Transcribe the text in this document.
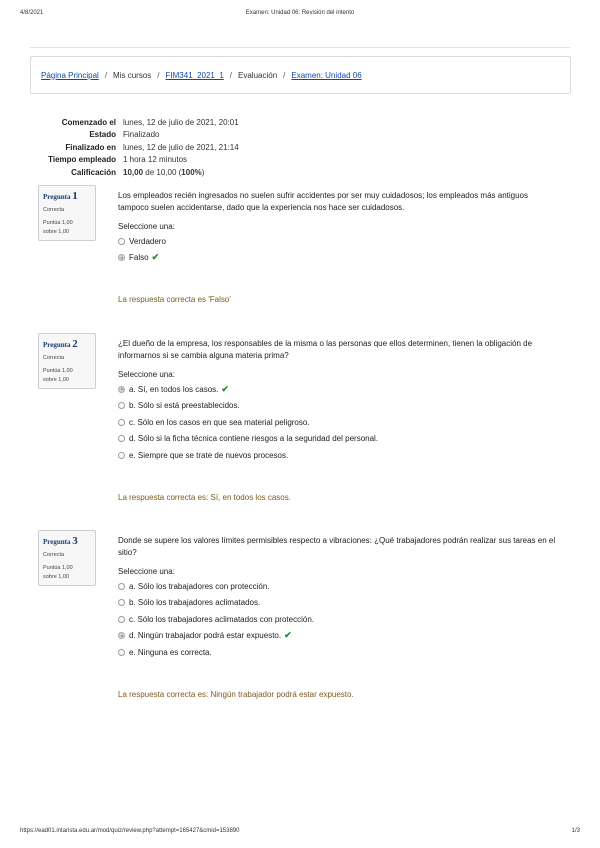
4/8/2021	Examen: Unidad 06: Revisión del intento
Página Principal / Mis cursos / FIM341_2021_1 / Evaluación / Examen: Unidad 06
Comenzado el lunes, 12 de julio de 2021, 20:01
Estado Finalizado
Finalizado en lunes, 12 de julio de 2021, 21:14
Tiempo empleado 1 hora 12 minutos
Calificación 10,00 de 10,00 (100%)
Pregunta 1
Correcta
Puntúa 1,00
sobre 1,00
Los empleados recién ingresados no suelen sufrir accidentes por ser muy cuidadosos; los empleados más antiguos tampoco suelen accidentarse, dado que la experiencia nos hace ser cuidadosos.
Seleccione una:
Verdadero
Falso ✔
La respuesta correcta es 'Falso'
Pregunta 2
Correcta
Puntúa 1,00
sobre 1,00
¿El dueño de la empresa, los responsables de la misma o las personas que ellos determinen, tienen la obligación de informarnos si se cambia alguna materia prima?
Seleccione una:
a. Sí, en todos los casos. ✔
b. Sólo si está preestablecidos.
c. Sólo en los casos en que sea material peligroso.
d. Sólo si la ficha técnica contiene riesgos a la seguridad del personal.
e. Siempre que se trate de nuevos procesos.
La respuesta correcta es: Sí, en todos los casos.
Pregunta 3
Correcta
Puntúa 1,00
sobre 1,00
Donde se supere los valores límites permisibles respecto a vibraciones: ¿Qué trabajadores podrán realizar sus tareas en el sitio?
Seleccione una:
a. Sólo los trabajadores con protección.
b. Sólo los trabajadores aclimatados.
c. Sólo los trabajadores aclimatados con protección.
d. Ningún trabajador podrá estar expuesto. ✔
e. Ninguna es correcta.
La respuesta correcta es: Ningún trabajador podrá estar expuesto.
https://ead01.intarista.edu.ar/mod/quiz/review.php?attempt=165427&cmid=153890	1/3
